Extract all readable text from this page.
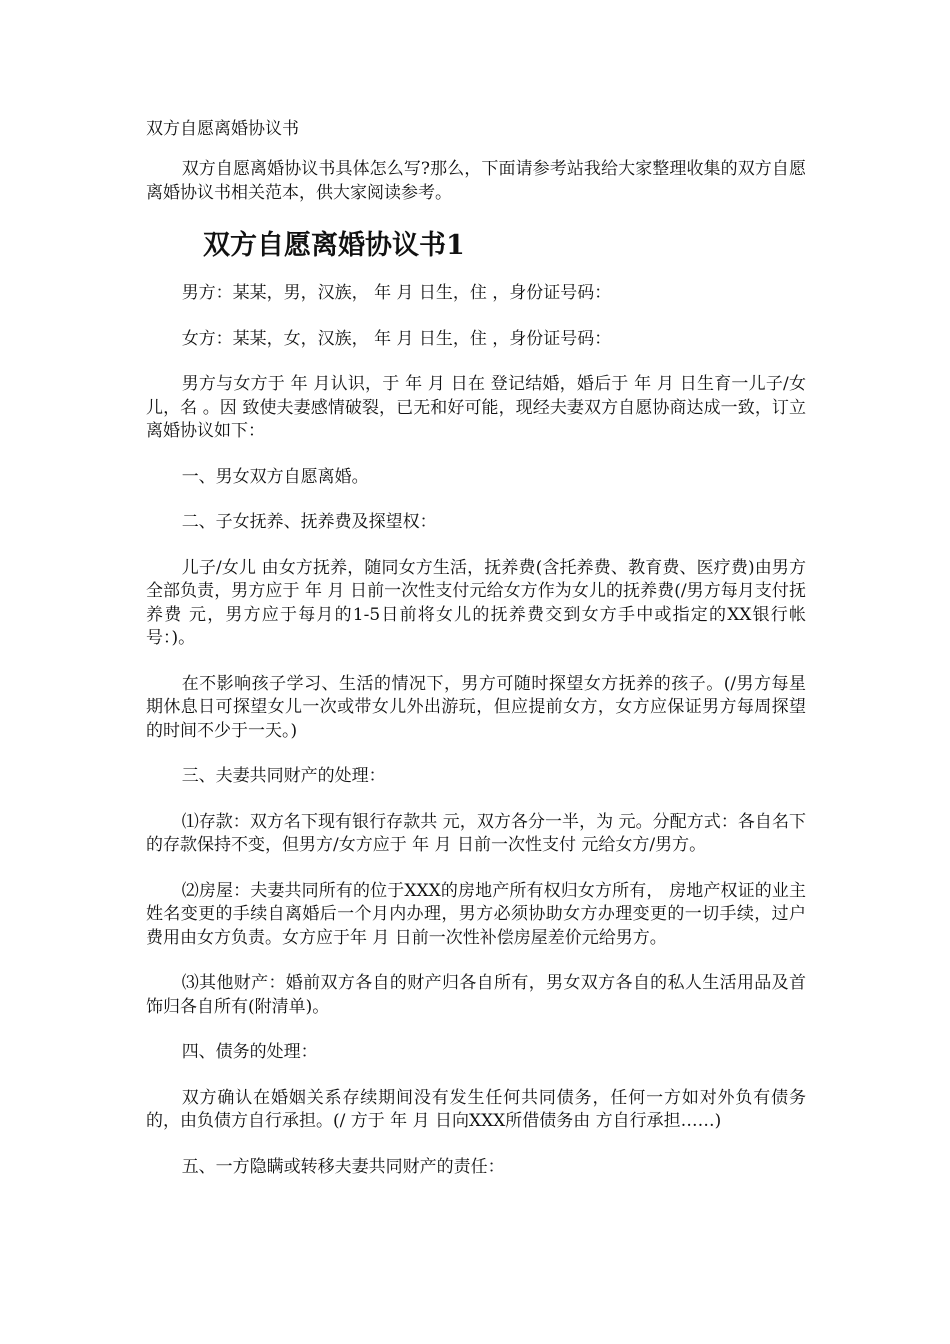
双方自愿离婚协议书

双方自愿离婚协议书具体怎么写?那么，下面请参考站我给大家整理收集的双方自愿离婚协议书相关范本，供大家阅读参考。

双方自愿离婚协议书1

男方：某某，男，汉族， 年 月 日生，住 ，身份证号码：

女方：某某，女，汉族， 年 月 日生，住 ，身份证号码：

男方与女方于 年 月认识，于 年 月 日在 登记结婚，婚后于 年 月 日生育一儿子/女儿，名 。因 致使夫妻感情破裂，已无和好可能，现经夫妻双方自愿协商达成一致，订立离婚协议如下：

一、男女双方自愿离婚。

二、子女抚养、抚养费及探望权：

儿子/女儿 由女方抚养，随同女方生活，抚养费(含托养费、教育费、医疗费)由男方全部负责，男方应于 年 月 日前一次性支付元给女方作为女儿的抚养费(/男方每月支付抚养费 元，男方应于每月的1-5日前将女儿的抚养费交到女方手中或指定的XX银行帐号：)。

在不影响孩子学习、生活的情况下，男方可随时探望女方抚养的孩子。(/男方每星期休息日可探望女儿一次或带女儿外出游玩，但应提前女方，女方应保证男方每周探望的时间不少于一天。)

三、夫妻共同财产的处理：

⑴存款：双方名下现有银行存款共 元，双方各分一半，为 元。分配方式：各自名下的存款保持不变，但男方/女方应于 年 月 日前一次性支付 元给女方/男方。

⑵房屋：夫妻共同所有的位于XXX的房地产所有权归女方所有， 房地产权证的业主姓名变更的手续自离婚后一个月内办理，男方必须协助女方办理变更的一切手续，过户费用由女方负责。女方应于年 月 日前一次性补偿房屋差价元给男方。

⑶其他财产：婚前双方各自的财产归各自所有，男女双方各自的私人生活用品及首饰归各自所有(附清单)。

四、债务的处理：

双方确认在婚姻关系存续期间没有发生任何共同债务，任何一方如对外负有债务的，由负债方自行承担。(/ 方于 年 月 日向XXX所借债务由 方自行承担……)

五、一方隐瞒或转移夫妻共同财产的责任：
